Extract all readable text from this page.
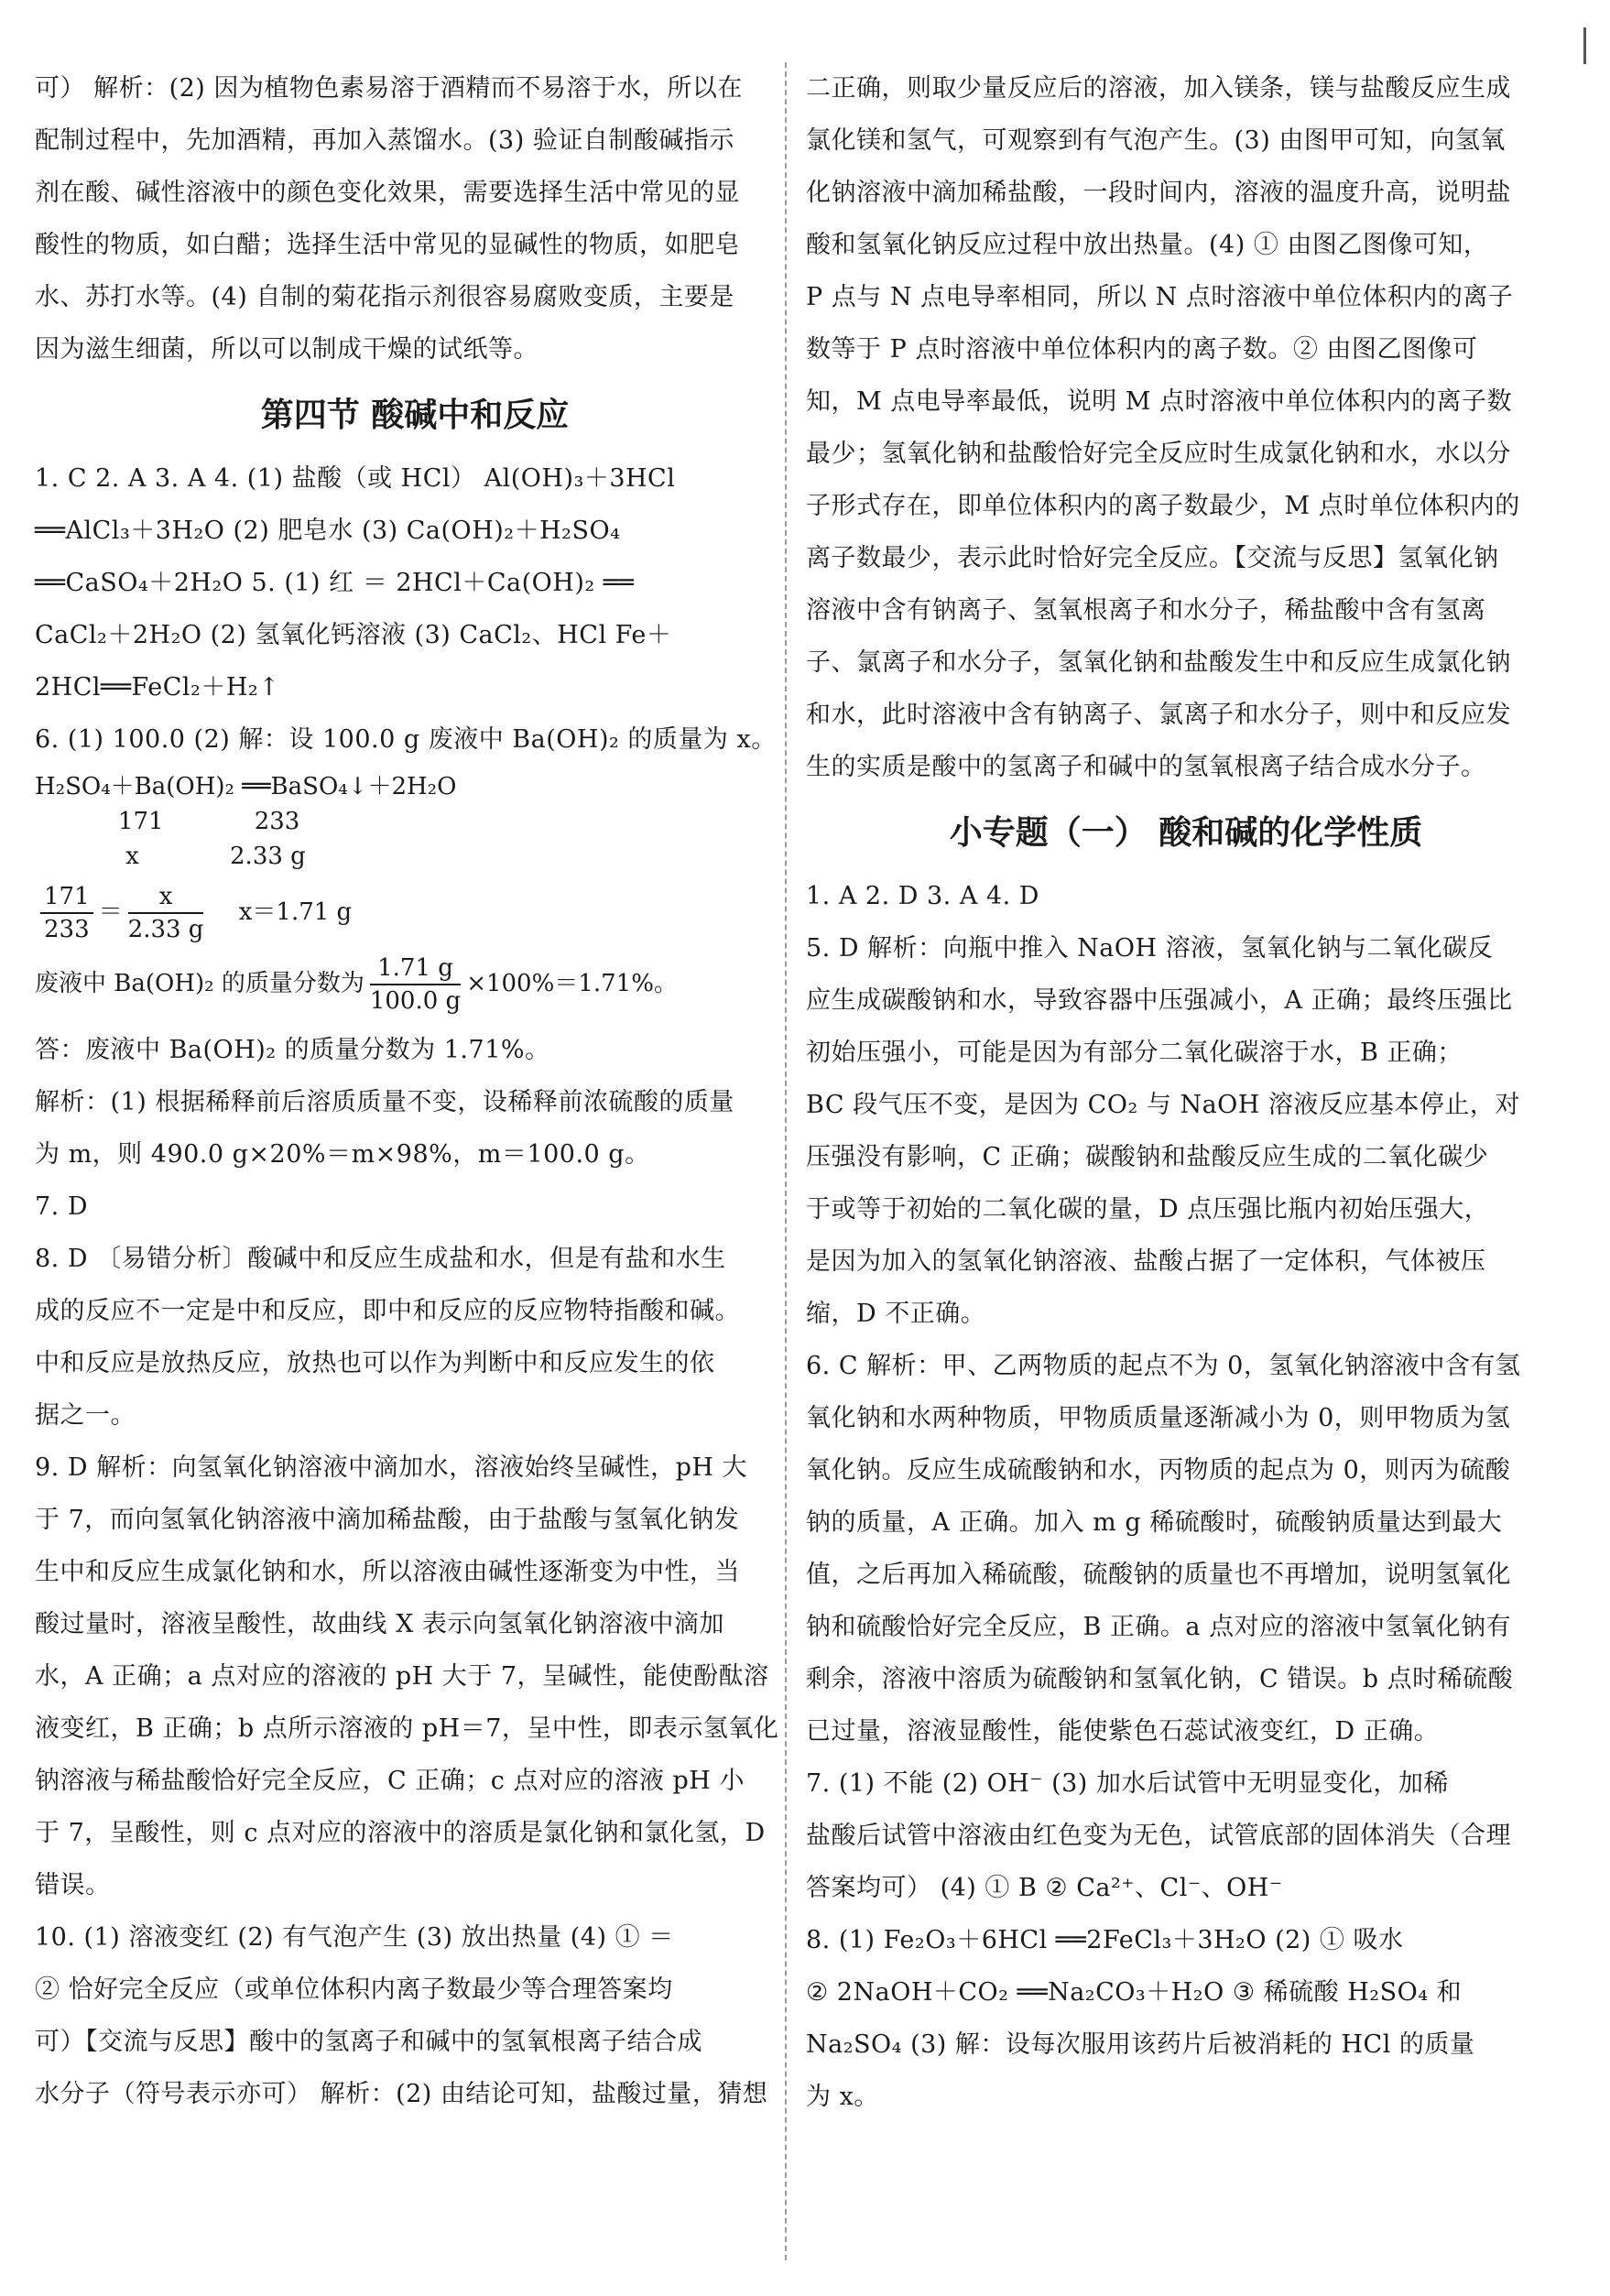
可） 解析：(2) 因为植物色素易溶于酒精而不易溶于水，所以在

配制过程中，先加酒精，再加入蒸馏水。(3) 验证自制酸碱指示

剂在酸、碱性溶液中的颜色变化效果，需要选择生活中常见的显

酸性的物质，如白醋；选择生活中常见的显碱性的物质，如肥皂

水、苏打水等。(4) 自制的菊花指示剂很容易腐败变质，主要是

因为滋生细菌，所以可以制成干燥的试纸等。

第四节 酸碱中和反应

1. C 2. A 3. A 4. (1) 盐酸（或 HCl） Al(OH)₃＋3HCl

══AlCl₃＋3H₂O (2) 肥皂水 (3) Ca(OH)₂＋H₂SO₄

══CaSO₄＋2H₂O 5. (1) 红 ＝ 2HCl＋Ca(OH)₂ ══

CaCl₂＋2H₂O (2) 氢氧化钙溶液 (3) CaCl₂、HCl Fe＋

2HCl══FeCl₂＋H₂↑

6. (1) 100.0 (2) 解：设 100.0 g 废液中 Ba(OH)₂ 的质量为 x。

H₂SO₄＋Ba(OH)₂ ══BaSO₄↓＋2H₂O

171            233

x            2.33 g

$\frac{171}{233} = \frac{x}{2.33 g} x=1.71$ g
废液中 Ba(OH)₂ 的质量分数为 $\frac{1.71 g}{100.0 g} \times 100\%=1.71\%$。

答：废液中 Ba(OH)₂ 的质量分数为 1.71%。

解析：(1) 根据稀释前后溶质质量不变，设稀释前浓硫酸的质量

为 m，则 490.0 g×20%＝m×98%，m＝100.0 g。

7. D

8. D 〔易错分析〕酸碱中和反应生成盐和水，但是有盐和水生

成的反应不一定是中和反应，即中和反应的反应物特指酸和碱。

中和反应是放热反应，放热也可以作为判断中和反应发生的依

据之一。

9. D 解析：向氢氧化钠溶液中滴加水，溶液始终呈碱性，pH 大

于 7，而向氢氧化钠溶液中滴加稀盐酸，由于盐酸与氢氧化钠发

生中和反应生成氯化钠和水，所以溶液由碱性逐渐变为中性，当

酸过量时，溶液呈酸性，故曲线 X 表示向氢氧化钠溶液中滴加

水，A 正确；a 点对应的溶液的 pH 大于 7，呈碱性，能使酚酞溶

液变红，B 正确；b 点所示溶液的 pH＝7，呈中性，即表示氢氧化

钠溶液与稀盐酸恰好完全反应，C 正确；c 点对应的溶液 pH 小

于 7，呈酸性，则 c 点对应的溶液中的溶质是氯化钠和氯化氢，D

错误。

10. (1) 溶液变红 (2) 有气泡产生 (3) 放出热量 (4) ① ＝

② 恰好完全反应（或单位体积内离子数最少等合理答案均

可）【交流与反思】酸中的氢离子和碱中的氢氧根离子结合成

水分子（符号表示亦可） 解析：(2) 由结论可知，盐酸过量，猜想

二正确，则取少量反应后的溶液，加入镁条，镁与盐酸反应生成

氯化镁和氢气，可观察到有气泡产生。(3) 由图甲可知，向氢氧

化钠溶液中滴加稀盐酸，一段时间内，溶液的温度升高，说明盐

酸和氢氧化钠反应过程中放出热量。(4) ① 由图乙图像可知，

P 点与 N 点电导率相同，所以 N 点时溶液中单位体积内的离子

数等于 P 点时溶液中单位体积内的离子数。② 由图乙图像可

知，M 点电导率最低，说明 M 点时溶液中单位体积内的离子数

最少；氢氧化钠和盐酸恰好完全反应时生成氯化钠和水，水以分

子形式存在，即单位体积内的离子数最少，M 点时单位体积内的

离子数最少，表示此时恰好完全反应。【交流与反思】氢氧化钠

溶液中含有钠离子、氢氧根离子和水分子，稀盐酸中含有氢离

子、氯离子和水分子，氢氧化钠和盐酸发生中和反应生成氯化钠

和水，此时溶液中含有钠离子、氯离子和水分子，则中和反应发

生的实质是酸中的氢离子和碱中的氢氧根离子结合成水分子。

小专题（一） 酸和碱的化学性质

1. A 2. D 3. A 4. D

5. D 解析：向瓶中推入 NaOH 溶液，氢氧化钠与二氧化碳反

应生成碳酸钠和水，导致容器中压强减小，A 正确；最终压强比

初始压强小，可能是因为有部分二氧化碳溶于水，B 正确；

BC 段气压不变，是因为 CO₂ 与 NaOH 溶液反应基本停止，对

压强没有影响，C 正确；碳酸钠和盐酸反应生成的二氧化碳少

于或等于初始的二氧化碳的量，D 点压强比瓶内初始压强大，

是因为加入的氢氧化钠溶液、盐酸占据了一定体积，气体被压

缩，D 不正确。

6. C 解析：甲、乙两物质的起点不为 0，氢氧化钠溶液中含有氢

氧化钠和水两种物质，甲物质质量逐渐减小为 0，则甲物质为氢

氧化钠。反应生成硫酸钠和水，丙物质的起点为 0，则丙为硫酸

钠的质量，A 正确。加入 m g 稀硫酸时，硫酸钠质量达到最大

值，之后再加入稀硫酸，硫酸钠的质量也不再增加，说明氢氧化

钠和硫酸恰好完全反应，B 正确。a 点对应的溶液中氢氧化钠有

剩余，溶液中溶质为硫酸钠和氢氧化钠，C 错误。b 点时稀硫酸

已过量，溶液显酸性，能使紫色石蕊试液变红，D 正确。

7. (1) 不能 (2) OH⁻ (3) 加水后试管中无明显变化，加稀

盐酸后试管中溶液由红色变为无色，试管底部的固体消失（合理

答案均可） (4) ① B ② Ca²⁺、Cl⁻、OH⁻

8. (1) Fe₂O₃＋6HCl ══2FeCl₃＋3H₂O (2) ① 吸水

② 2NaOH＋CO₂ ══Na₂CO₃＋H₂O ③ 稀硫酸 H₂SO₄ 和

Na₂SO₄ (3) 解：设每次服用该药片后被消耗的 HCl 的质量

为 x。
